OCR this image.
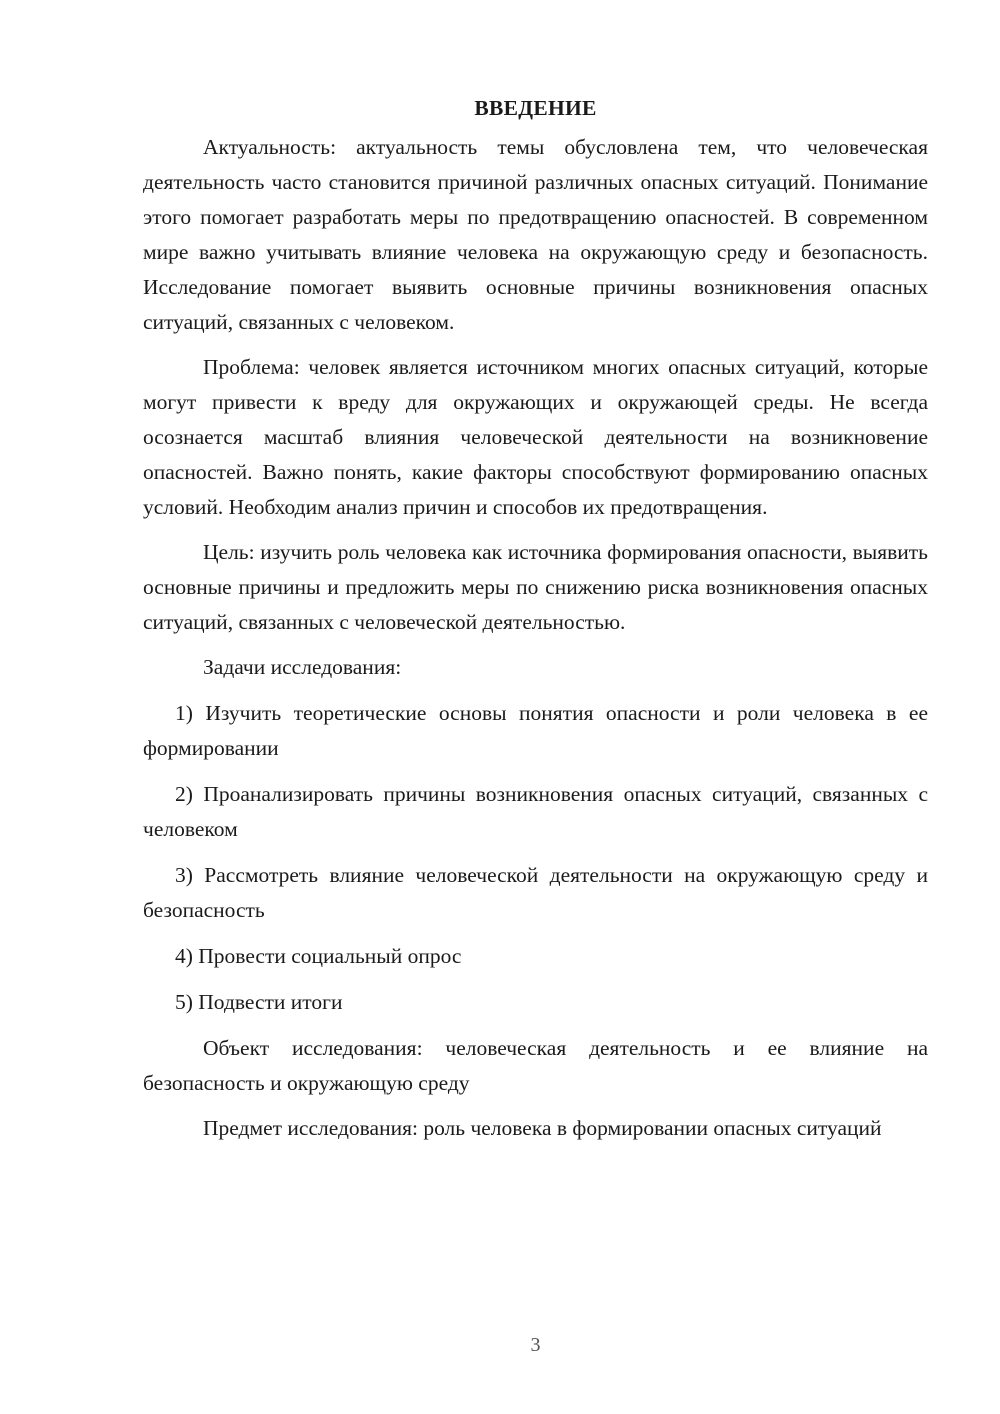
ВВЕДЕНИЕ

Актуальность: актуальность темы обусловлена тем, что человеческая деятельность часто становится причиной различных опасных ситуаций. Понимание этого помогает разработать меры по предотвращению опасностей. В современном мире важно учитывать влияние человека на окружающую среду и безопасность. Исследование помогает выявить основные причины возникновения опасных ситуаций, связанных с человеком.

Проблема: человек является источником многих опасных ситуаций, которые могут привести к вреду для окружающих и окружающей среды. Не всегда осознается масштаб влияния человеческой деятельности на возникновение опасностей. Важно понять, какие факторы способствуют формированию опасных условий. Необходим анализ причин и способов их предотвращения.

Цель: изучить роль человека как источника формирования опасности, выявить основные причины и предложить меры по снижению риска возникновения опасных ситуаций, связанных с человеческой деятельностью.

Задачи исследования:

1) Изучить теоретические основы понятия опасности и роли человека в ее формировании

2) Проанализировать причины возникновения опасных ситуаций, связанных с человеком

3) Рассмотреть влияние человеческой деятельности на окружающую среду и безопасность

4) Провести социальный опрос

5) Подвести итоги

Объект исследования: человеческая деятельность и ее влияние на безопасность и окружающую среду

Предмет исследования: роль человека в формировании опасных ситуаций

3
